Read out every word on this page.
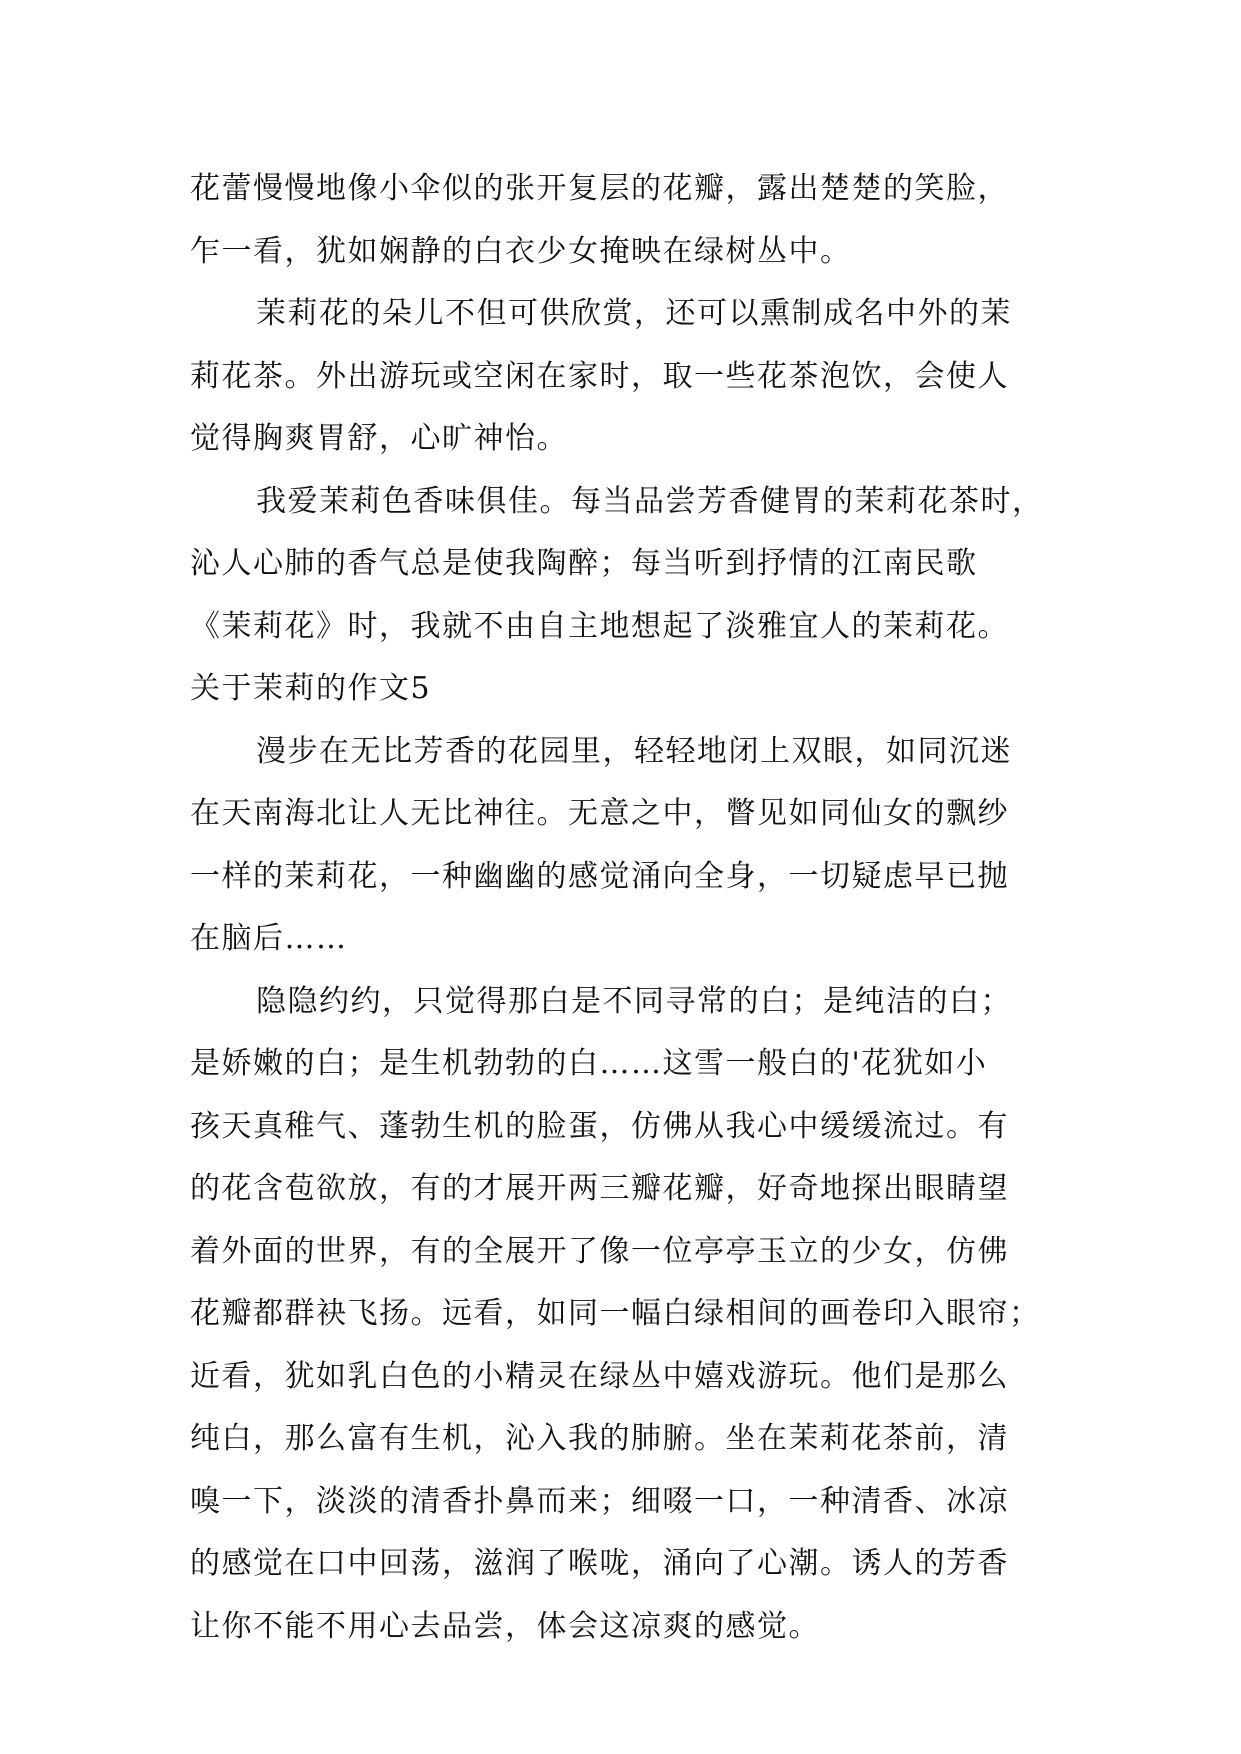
花蕾慢慢地像小伞似的张开复层的花瓣，露出楚楚的笑脸，
乍一看，犹如娴静的白衣少女掩映在绿树丛中。
茉莉花的朵儿不但可供欣赏，还可以熏制成名中外的茉
莉花茶。外出游玩或空闲在家时，取一些花茶泡饮，会使人
觉得胸爽胃舒，心旷神怡。
我爱茉莉色香味俱佳。每当品尝芳香健胃的茉莉花茶时，
沁人心肺的香气总是使我陶醉；每当听到抒情的江南民歌
《茉莉花》时，我就不由自主地想起了淡雅宜人的茉莉花。
关于茉莉的作文5
漫步在无比芳香的花园里，轻轻地闭上双眼，如同沉迷
在天南海北让人无比神往。无意之中，瞥见如同仙女的飘纱
一样的茉莉花，一种幽幽的感觉涌向全身，一切疑虑早已抛
在脑后……
隐隐约约，只觉得那白是不同寻常的白；是纯洁的白；
是娇嫩的白；是生机勃勃的白……这雪一般白的'花犹如小
孩天真稚气、蓬勃生机的脸蛋，仿佛从我心中缓缓流过。有
的花含苞欲放，有的才展开两三瓣花瓣，好奇地探出眼睛望
着外面的世界，有的全展开了像一位亭亭玉立的少女，仿佛
花瓣都群袂飞扬。远看，如同一幅白绿相间的画卷印入眼帘；
近看，犹如乳白色的小精灵在绿丛中嬉戏游玩。他们是那么
纯白，那么富有生机，沁入我的肺腑。坐在茉莉花茶前，清
嗅一下，淡淡的清香扑鼻而来；细啜一口，一种清香、冰凉
的感觉在口中回荡，滋润了喉咙，涌向了心潮。诱人的芳香
让你不能不用心去品尝，体会这凉爽的感觉。
